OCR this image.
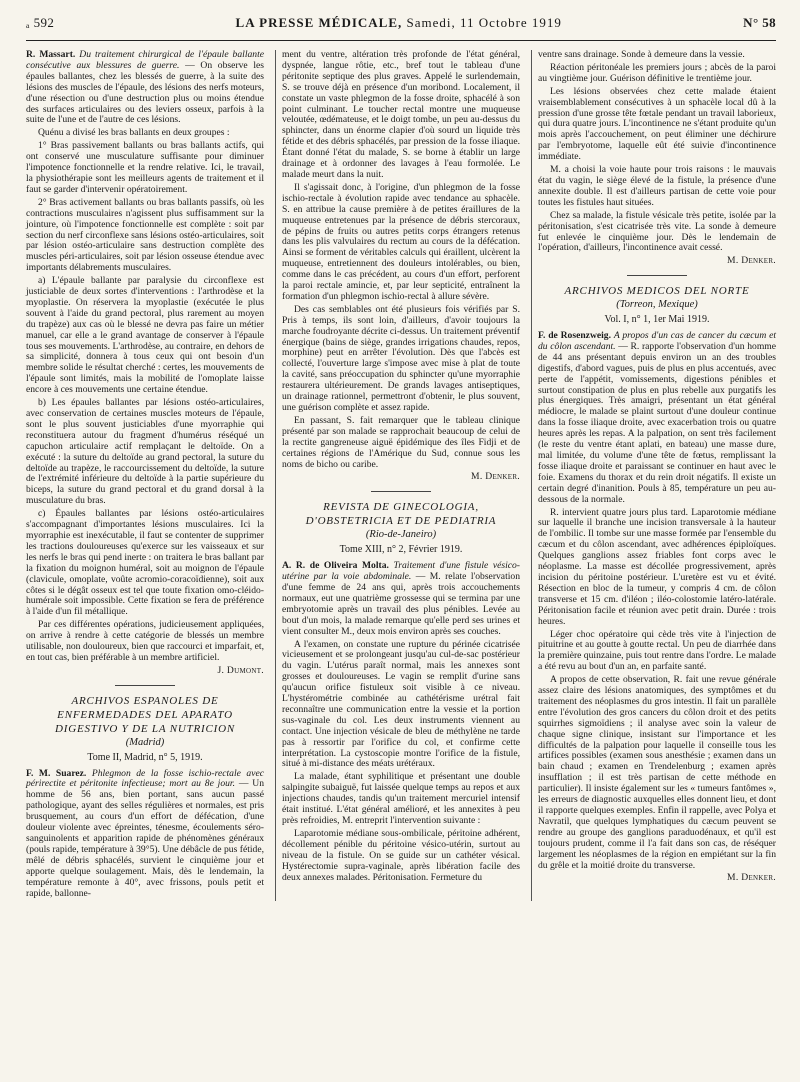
ₐ 592	LA PRESSE MÉDICALE, Samedi, 11 Octobre 1919	N° 58

R. Massart. Du traitement chirurgical de l'épaule ballante consécutive aux blessures de guerre. — On observe les épaules ballantes, chez les blessés de guerre, à la suite des lésions des muscles de l'épaule, des lésions des nerfs moteurs, d'une résection ou d'une destruction plus ou moins étendue des surfaces articulaires ou des leviers osseux, parfois à la suite de l'une et de l'autre de ces lésions.

Quénu a divisé les bras ballants en deux groupes :

1° Bras passivement ballants ou bras ballants actifs, qui ont conservé une musculature suffisante pour diminuer l'impotence fonctionnelle et la rendre relative. Ici, le travail, la physiothérapie sont les meilleurs agents de traitement et il faut se garder d'intervenir opératoirement.

2° Bras activement ballants ou bras ballants passifs, où les contractions musculaires n'agissent plus suffisamment sur la jointure, où l'impotence fonctionnelle est complète : soit par section du nerf circonflexe sans lésions ostéo-articulaires, soit par lésion ostéo-articulaire sans destruction complète des muscles péri-articulaires, soit par lésion osseuse étendue avec importants délabrements musculaires.

a) L'épaule ballante par paralysie du circonflexe est justiciable de deux sortes d'interventions : l'arthrodèse et la myoplastie. On réservera la myoplastie (exécutée le plus souvent à l'aide du grand pectoral, plus rarement au moyen du trapèze) aux cas où le blessé ne devra pas faire un métier manuel, car elle a le grand avantage de conserver à l'épaule tous ses mouvements. L'arthrodèse, au contraire, en dehors de sa simplicité, donnera à tous ceux qui ont besoin d'un membre solide le résultat cherché : certes, les mouvements de l'épaule sont limités, mais la mobilité de l'omoplate laisse encore à ces mouvements une certaine étendue.

b) Les épaules ballantes par lésions ostéo-articulaires, avec conservation de certaines muscles moteurs de l'épaule, sont le plus souvent justiciables d'une myorraphie qui reconstituera autour du fragment d'humérus réséqué un capuchon articulaire actif remplaçant le deltoïde. On a exécuté : la suture du deltoïde au grand pectoral, la suture du deltoïde au trapèze, le raccourcissement du deltoïde, la suture de l'extrémité inférieure du deltoïde à la partie supérieure du biceps, la suture du grand pectoral et du grand dorsal à la musculature du bras.

c) Épaules ballantes par lésions ostéo-articulaires s'accompagnant d'importantes lésions musculaires. Ici la myorraphie est inexécutable, il faut se contenter de supprimer les tractions douloureuses qu'exerce sur les vaisseaux et sur les nerfs le bras qui pend inerte : on traitera le bras ballant par la fixation du moignon huméral, soit au moignon de l'épaule (clavicule, omoplate, voûte acromio-coracoïdienne), soit aux côtes si le dégât osseux est tel que toute fixation omo-cléido-humérale soit impossible. Cette fixation se fera de préférence à l'aide d'un fil métallique.

Par ces différentes opérations, judicieusement appliquées, on arrive à rendre à cette catégorie de blessés un membre utilisable, non douloureux, bien que raccourci et imparfait, et, en tout cas, bien préférable à un membre artificiel.

J. Dumont.
ARCHIVOS ESPANOLES DE ENFERMEDADES DEL APARATO DIGESTIVO Y DE LA NUTRICION
(Madrid)
Tome II, Madrid, n° 5, 1919.

F. M. Suarez. Phlegmon de la fosse ischio-rectale avec périrectite et péritonite infectieuse; mort au 8e jour. — Un homme de 56 ans, bien portant, sans aucun passé pathologique, ayant des selles régulières et normales, est pris brusquement, au cours d'un effort de défécation, d'une douleur violente avec épreintes, ténesme, écoulements séro-sanguinolents et apparition rapide de phénomènes généraux (pouls rapide, température à 39°5). Une débâcle de pus fétide, mêlé de débris sphacélés, survient le cinquième jour et apporte quelque soulagement. Mais, dès le lendemain, la température remonte à 40°, avec frissons, pouls petit et rapide, ballonne-

ment du ventre, altération très profonde de l'état général, dyspnée, langue rôtie, etc., bref tout le tableau d'une péritonite septique des plus graves. Appelé le surlendemain, S. se trouve déjà en présence d'un moribond. Localement, il constate un vaste phlegmon de la fosse droite, sphacélé à son point culminant. Le toucher rectal montre une muqueuse veloutée, œdémateuse, et le doigt tombe, un peu au-dessus du sphincter, dans un énorme clapier d'où sourd un liquide très fétide et des débris sphacélés, par pression de la fosse iliaque. Étant donné l'état du malade, S. se borne à établir un large drainage et à ordonner des lavages à l'eau formolée. Le malade meurt dans la nuit.

Il s'agissait donc, à l'origine, d'un phlegmon de la fosse ischio-rectale à évolution rapide avec tendance au sphacèle. S. en attribue la cause première à de petites éraillures de la muqueuse entretenues par la présence de débris stercoraux, de pépins de fruits ou autres petits corps étrangers retenus dans les plis valvulaires du rectum au cours de la défécation. Ainsi se forment de véritables calculs qui éraillent, ulcèrent la muqueuse, entretiennent des douleurs intolérables, ou bien, comme dans le cas précédent, au cours d'un effort, perforent la paroi rectale amincie, et, par leur septicité, entraînent la formation d'un phlegmon ischio-rectal à allure sévère.

Des cas semblables ont été plusieurs fois vérifiés par S. Pris à temps, ils sont loin, d'ailleurs, d'avoir toujours la marche foudroyante décrite ci-dessus. Un traitement préventif énergique (bains de siège, grandes irrigations chaudes, repos, morphine) peut en arrêter l'évolution. Dès que l'abcès est collecté, l'ouverture large s'impose avec mise à plat de toute la cavité, sans préoccupation du sphincter qu'une myorraphie restaurera ultérieurement. De grands lavages antiseptiques, un drainage rationnel, permettront d'obtenir, le plus souvent, une guérison complète et assez rapide.

En passant, S. fait remarquer que le tableau clinique présenté par son malade se rapprochait beaucoup de celui de la rectite gangreneuse aiguë épidémique des îles Fidji et de certaines régions de l'Amérique du Sud, connue sous les noms de bicho ou caribe.

M. Denker.
REVISTA DE GINECOLOGIA, D'OBSTETRICIA ET DE PEDIATRIA
(Rio-de-Janeiro)
Tome XIII, n° 2, Février 1919.

A. R. de Oliveira Molta. Traitement d'une fistule vésico-utérine par la voie abdominale. — M. relate l'observation d'une femme de 24 ans qui, après trois accouchements normaux, eut une quatrième grossesse qui se termina par une embryotomie après un travail des plus pénibles. Levée au bout d'un mois, la malade remarque qu'elle perd ses urines et vient consulter M., deux mois environ après ses couches.

A l'examen, on constate une rupture du périnée cicatrisée vicieusement et se prolongeant jusqu'au cul-de-sac postérieur du vagin. L'utérus paraît normal, mais les annexes sont grosses et douloureuses. Le vagin se remplit d'urine sans qu'aucun orifice fistuleux soit visible à ce niveau. L'hystérométrie combinée au cathétérisme urétral fait reconnaître une communication entre la vessie et la portion sus-vaginale du col. Les deux instruments viennent au contact. Une injection vésicale de bleu de méthylène ne tarde pas à ressortir par l'orifice du col, et confirme cette interprétation. La cystoscopie montre l'orifice de la fistule, situé à mi-distance des méats urétéraux.

La malade, étant syphilitique et présentant une double salpingite subaiguë, fut laissée quelque temps au repos et aux injections chaudes, tandis qu'un traitement mercuriel intensif était institué. L'état général amélioré, et les annexites à peu près refroidies, M. entreprit l'intervention suivante :

Laparotomie médiane sous-ombilicale, péritoine adhérent, décollement pénible du péritoine vésico-utérin, surtout au niveau de la fistule. On se guide sur un cathéter vésical. Hystérectomie supra-vaginale, après libération facile des deux annexes malades. Péritonisation. Fermeture du

ventre sans drainage. Sonde à demeure dans la vessie.

Réaction péritonéale les premiers jours ; abcès de la paroi au vingtième jour. Guérison définitive le trentième jour.

Les lésions observées chez cette malade étaient vraisemblablement consécutives à un sphacèle local dû à la pression d'une grosse tête fœtale pendant un travail laborieux, qui dura quatre jours. L'incontinence ne s'étant produite qu'un mois après l'accouchement, on peut éliminer une déchirure par l'embryotome, laquelle eût été suivie d'incontinence immédiate.

M. a choisi la voie haute pour trois raisons : le mauvais état du vagin, le siège élevé de la fistule, la présence d'une annexite double. Il est d'ailleurs partisan de cette voie pour toutes les fistules haut situées.

Chez sa malade, la fistule vésicale très petite, isolée par la péritonisation, s'est cicatrisée très vite. La sonde à demeure fut enlevée le cinquième jour. Dès le lendemain de l'opération, d'ailleurs, l'incontinence avait cessé.

M. Denker.
ARCHIVOS MEDICOS DEL NORTE
(Torreon, Mexique)
Vol. I, n° 1, 1er Mai 1919.

F. de Rosenzweig. A propos d'un cas de cancer du cæcum et du côlon ascendant. — R. rapporte l'observation d'un homme de 44 ans présentant depuis environ un an des troubles digestifs, d'abord vagues, puis de plus en plus accentués, avec perte de l'appétit, vomissements, digestions pénibles et surtout constipation de plus en plus rebelle aux purgatifs les plus énergiques. Très amaigri, présentant un état général médiocre, le malade se plaint surtout d'une douleur continue dans la fosse iliaque droite, avec exacerbation trois ou quatre heures après les repas. A la palpation, on sent très facilement (le reste du ventre étant aplati, en bateau) une masse dure, mal limitée, du volume d'une tête de fœtus, remplissant la fosse iliaque droite et paraissant se continuer en haut avec le foie. Examens du thorax et du rein droit négatifs. Il existe un certain degré d'inanition. Pouls à 85, température un peu au-dessous de la normale.

R. intervient quatre jours plus tard. Laparotomie médiane sur laquelle il branche une incision transversale à la hauteur de l'ombilic. Il tombe sur une masse formée par l'ensemble du cæcum et du côlon ascendant, avec adhérences épiploïques. Quelques ganglions assez friables font corps avec le néoplasme. La masse est décollée progressivement, après incision du péritoine postérieur. L'uretère est vu et évité. Résection en bloc de la tumeur, y compris 4 cm. de côlon transverse et 15 cm. d'iléon ; iléo-colostomie latéro-latérale. Péritonisation facile et réunion avec petit drain. Durée : trois heures.

Léger choc opératoire qui cède très vite à l'injection de pituitrine et au goutte à goutte rectal. Un peu de diarrhée dans la première quinzaine, puis tout rentre dans l'ordre. Le malade a été revu au bout d'un an, en parfaite santé.

A propos de cette observation, R. fait une revue générale assez claire des lésions anatomiques, des symptômes et du traitement des néoplasmes du gros intestin. Il fait un parallèle entre l'évolution des gros cancers du côlon droit et des petits squirrhes sigmoïdiens ; il analyse avec soin la valeur de chaque signe clinique, insistant sur l'importance et les difficultés de la palpation pour laquelle il conseille tous les artifices possibles (examen sous anesthésie ; examen dans un bain chaud ; examen en Trendelenburg ; examen après insufflation ; il est très partisan de cette méthode en particulier). Il insiste également sur les « tumeurs fantômes », les erreurs de diagnostic auxquelles elles donnent lieu, et dont il rapporte quelques exemples. Enfin il rappelle, avec Polya et Navratil, que quelques lymphatiques du cæcum peuvent se rendre au groupe des ganglions paraduodénaux, et qu'il est toujours prudent, comme il l'a fait dans son cas, de réséquer largement les néoplasmes de la région en empiétant sur la fin du grêle et la moitié droite du transverse.

M. Denker.
